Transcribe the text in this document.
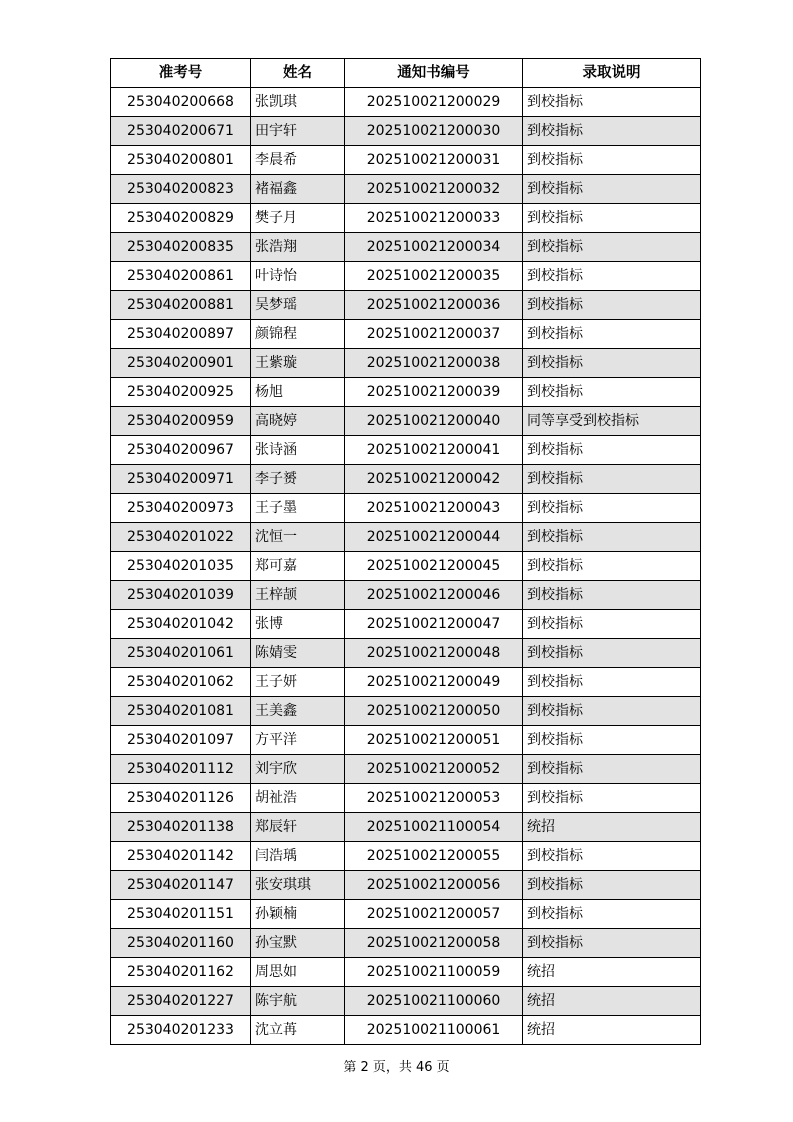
准考号	姓名	通知书编号	录取说明
253040200668	张凯琪	202510021200029	到校指标
253040200671	田宇轩	202510021200030	到校指标
253040200801	李晨希	202510021200031	到校指标
253040200823	褚福鑫	202510021200032	到校指标
253040200829	樊子月	202510021200033	到校指标
253040200835	张浩翔	202510021200034	到校指标
253040200861	叶诗怡	202510021200035	到校指标
253040200881	吴梦瑶	202510021200036	到校指标
253040200897	颜锦程	202510021200037	到校指标
253040200901	王紫璇	202510021200038	到校指标
253040200925	杨旭	202510021200039	到校指标
253040200959	高晓婷	202510021200040	同等享受到校指标
253040200967	张诗涵	202510021200041	到校指标
253040200971	李子赟	202510021200042	到校指标
253040200973	王子墨	202510021200043	到校指标
253040201022	沈恒一	202510021200044	到校指标
253040201035	郑可嘉	202510021200045	到校指标
253040201039	王梓颉	202510021200046	到校指标
253040201042	张博	202510021200047	到校指标
253040201061	陈婧雯	202510021200048	到校指标
253040201062	王子妍	202510021200049	到校指标
253040201081	王美鑫	202510021200050	到校指标
253040201097	方平洋	202510021200051	到校指标
253040201112	刘宇欣	202510021200052	到校指标
253040201126	胡祉浩	202510021200053	到校指标
253040201138	郑辰轩	202510021100054	统招
253040201142	闫浩瑀	202510021200055	到校指标
253040201147	张安琪琪	202510021200056	到校指标
253040201151	孙颖楠	202510021200057	到校指标
253040201160	孙宝默	202510021200058	到校指标
253040201162	周思如	202510021100059	统招
253040201227	陈宇航	202510021100060	统招
253040201233	沈立苒	202510021100061	统招
第 2 页，共 46 页
